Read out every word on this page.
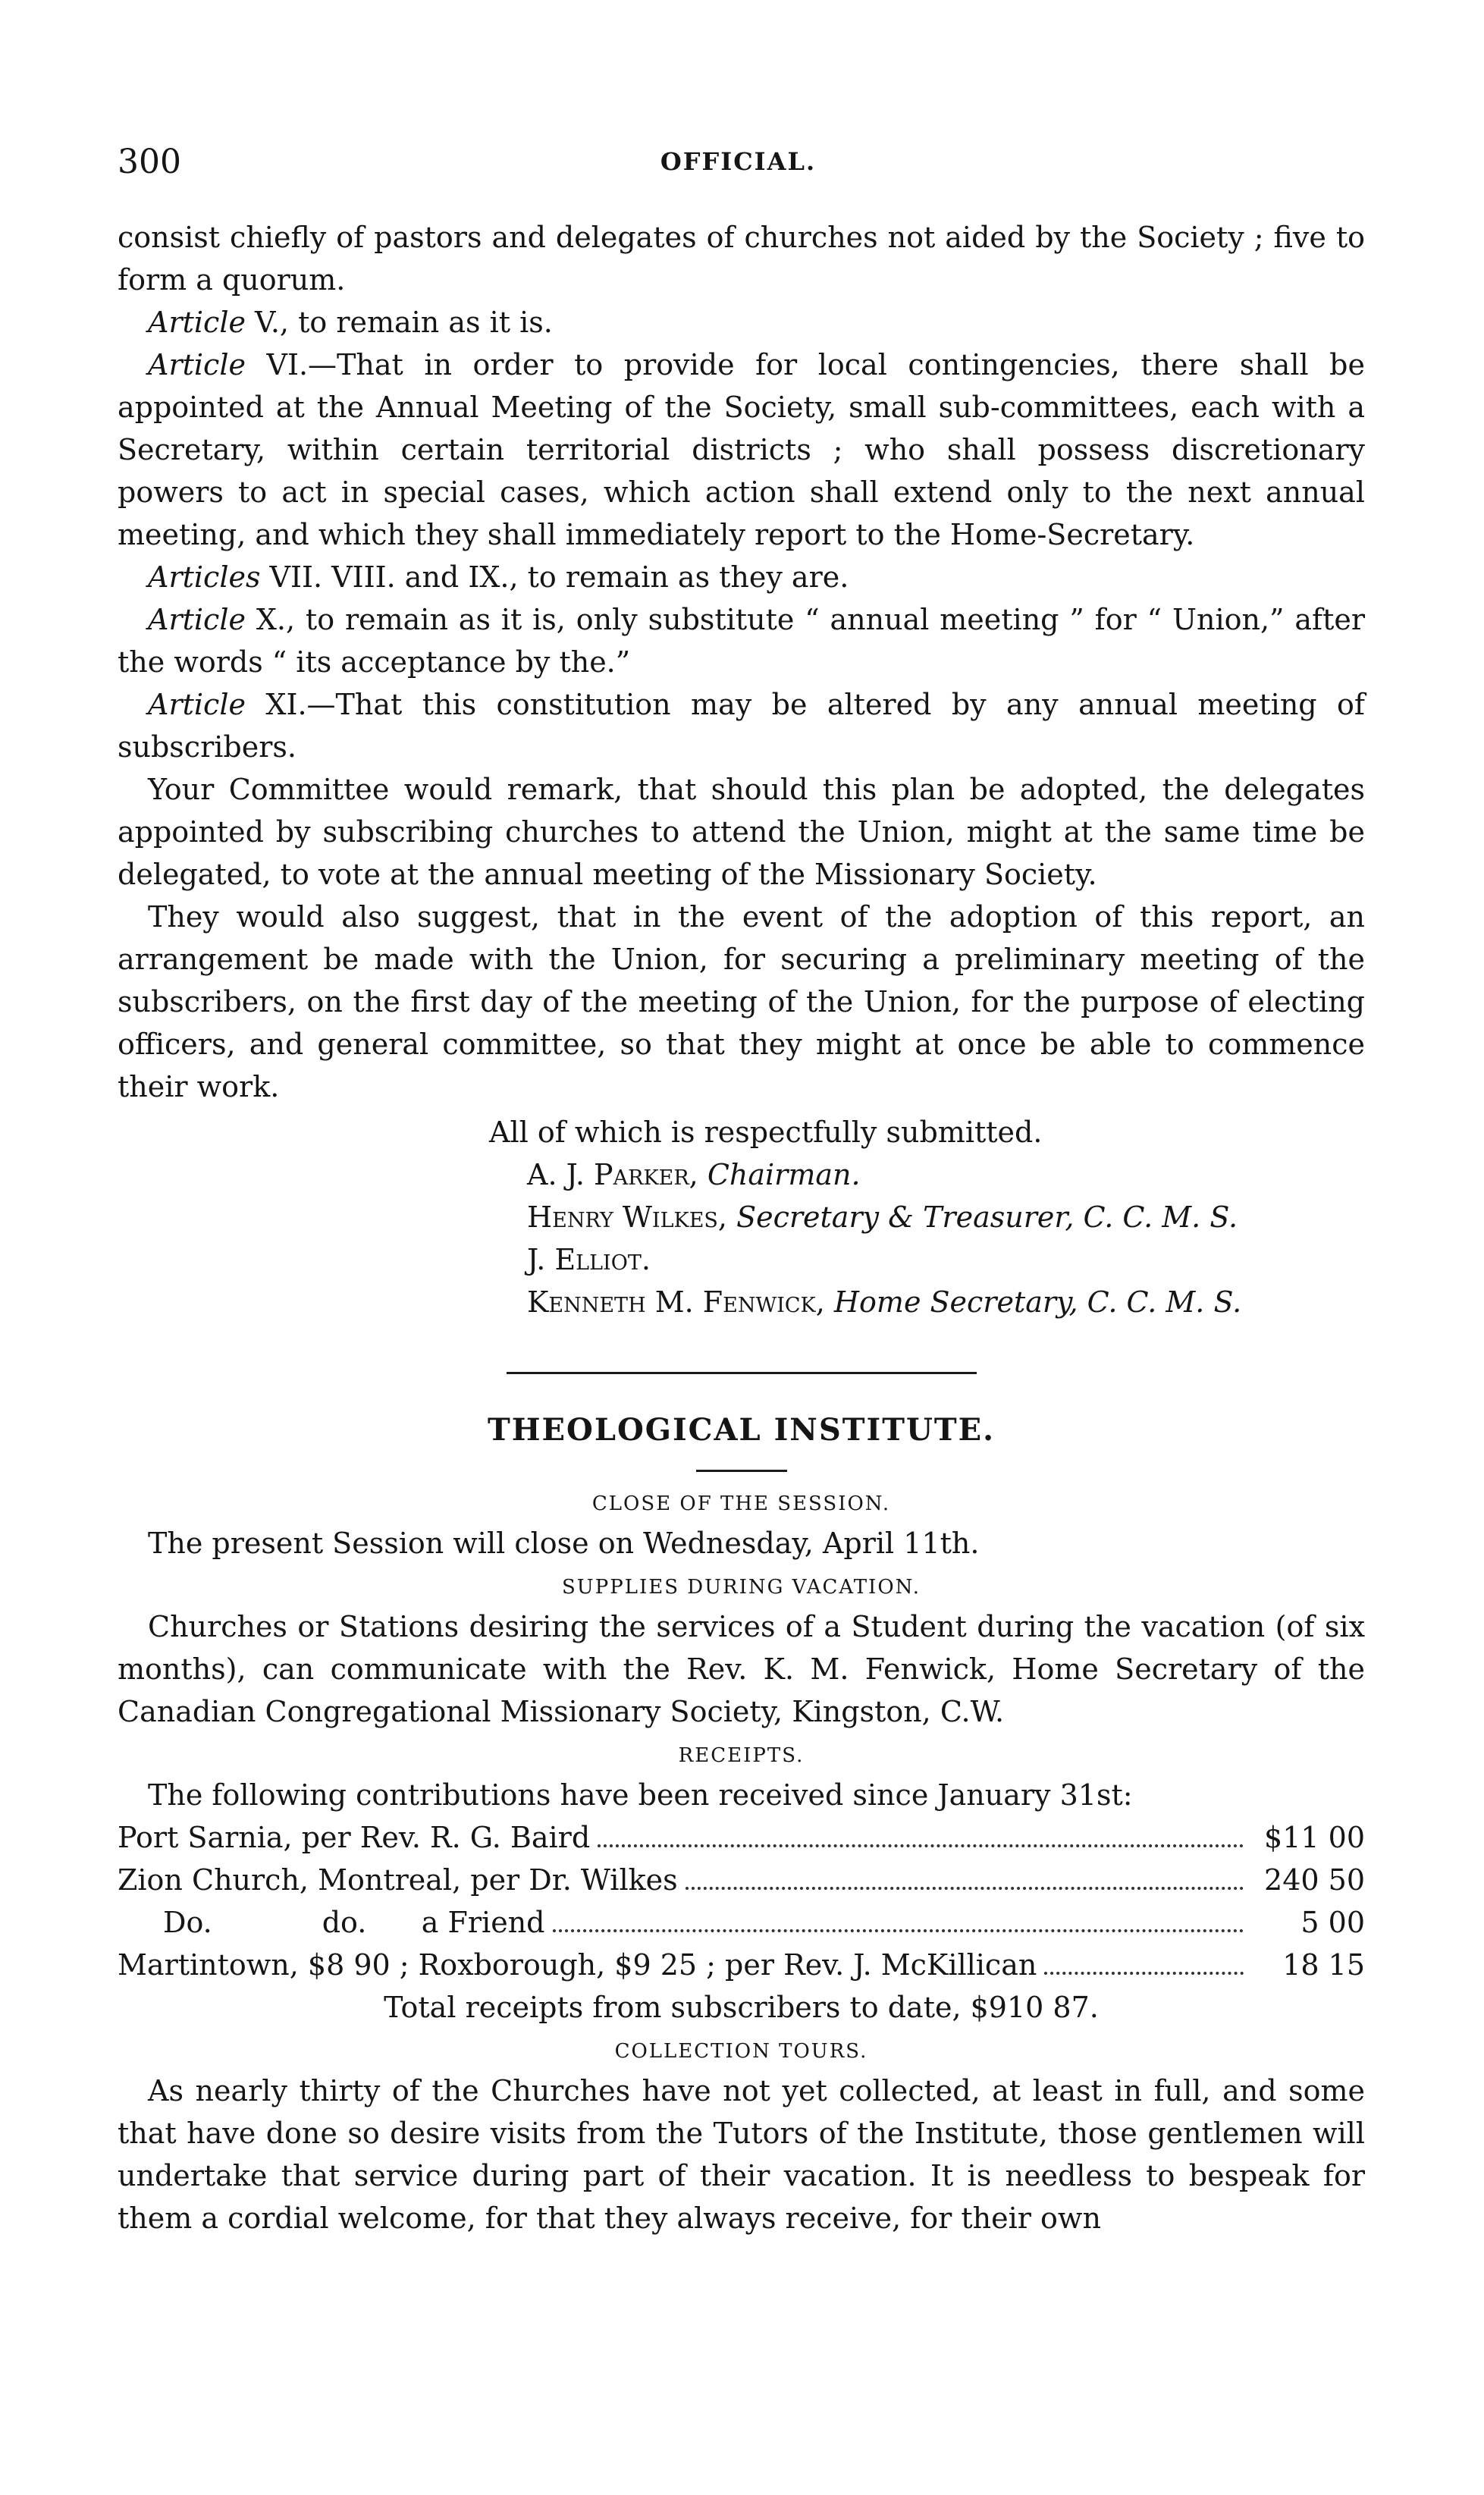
300	OFFICIAL.

consist chiefly of pastors and delegates of churches not aided by the Society ; five to form a quorum.

Article V., to remain as it is.

Article VI.—That in order to provide for local contingencies, there shall be appointed at the Annual Meeting of the Society, small sub-committees, each with a Secretary, within certain territorial districts ; who shall possess discretionary powers to act in special cases, which action shall extend only to the next annual meeting, and which they shall immediately report to the Home-Secretary.

Articles VII. VIII. and IX., to remain as they are.

Article X., to remain as it is, only substitute “ annual meeting ” for “ Union,” after the words “ its acceptance by the.”

Article XI.—That this constitution may be altered by any annual meeting of subscribers.

Your Committee would remark, that should this plan be adopted, the delegates appointed by subscribing churches to attend the Union, might at the same time be delegated, to vote at the annual meeting of the Missionary Society.

They would also suggest, that in the event of the adoption of this report, an arrangement be made with the Union, for securing a preliminary meeting of the subscribers, on the first day of the meeting of the Union, for the purpose of electing officers, and general committee, so that they might at once be able to commence their work.

All of which is respectfully submitted.

A. J. Parker, Chairman.
Henry Wilkes, Secretary & Treasurer, C. C. M. S.
J. Elliot.
Kenneth M. Fenwick, Home Secretary, C. C. M. S.
THEOLOGICAL INSTITUTE.

CLOSE OF THE SESSION.

The present Session will close on Wednesday, April 11th.

SUPPLIES DURING VACATION.

Churches or Stations desiring the services of a Student during the vacation (of six months), can communicate with the Rev. K. M. Fenwick, Home Secretary of the Canadian Congregational Missionary Society, Kingston, C.W.

RECEIPTS.

The following contributions have been received since January 31st:

Port Sarnia, per Rev. R. G. Baird	$11 00
Zion Church, Montreal, per Dr. Wilkes	240 50
Do.            do.      a Friend	5 00
Martintown, $8 90 ; Roxborough, $9 25 ; per Rev. J. McKillican	18 15

Total receipts from subscribers to date, $910 87.

COLLECTION TOURS.

As nearly thirty of the Churches have not yet collected, at least in full, and some that have done so desire visits from the Tutors of the Institute, those gentlemen will undertake that service during part of their vacation. It is needless to bespeak for them a cordial welcome, for that they always receive, for their own
